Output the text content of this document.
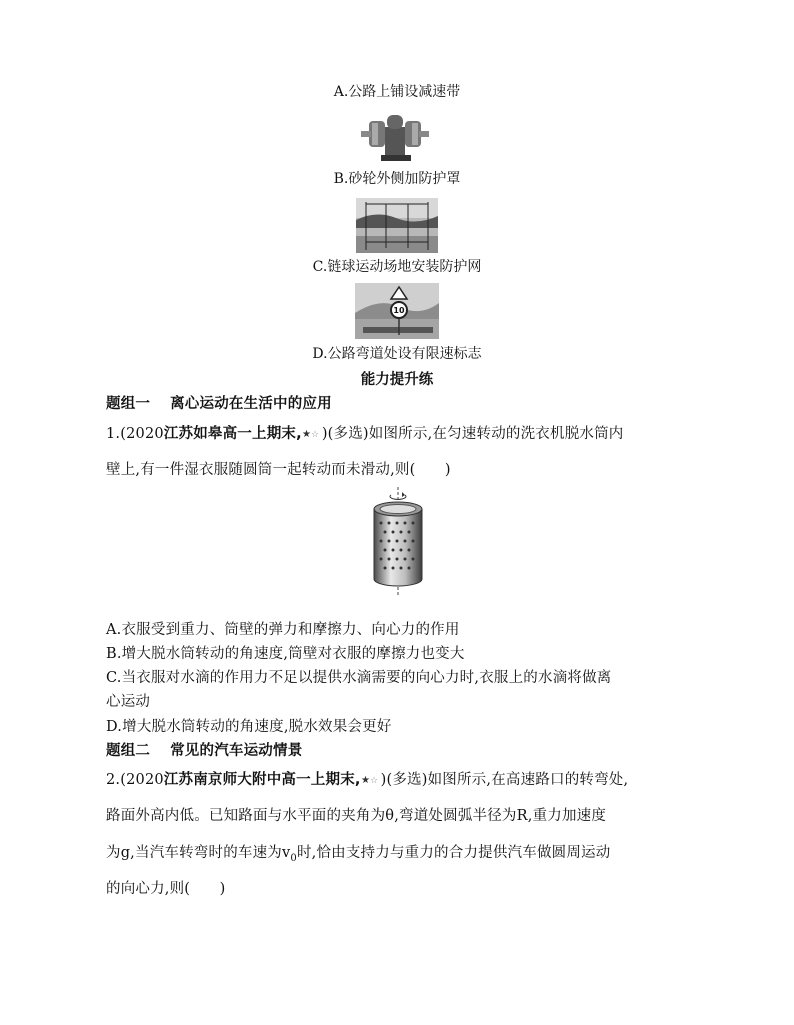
A.公路上铺设减速带
B.砂轮外侧加防护罩
C.链球运动场地安装防护网
10
D.公路弯道处设有限速标志
能力提升练
题组一 离心运动在生活中的应用
1.(2020江苏如皋高一上期末, ★ ☆ )(多选)如图所示,在匀速转动的洗衣机脱水筒内
壁上,有一件湿衣服随圆筒一起转动而未滑动,则(　　)
A.衣服受到重力、筒壁的弹力和摩擦力、向心力的作用
B.增大脱水筒转动的角速度,筒壁对衣服的摩擦力也变大
C.当衣服对水滴的作用力不足以提供水滴需要的向心力时,衣服上的水滴将做离
心运动
D.增大脱水筒转动的角速度,脱水效果会更好
题组二 常见的汽车运动情景
2.(2020江苏南京师大附中高一上期末, ★ ☆ )(多选)如图所示,在高速路口的转弯处,
路面外高内低。已知路面与水平面的夹角为θ,弯道处圆弧半径为R,重力加速度
为g,当汽车转弯时的车速为$v_0$时,恰由支持力与重力的合力提供汽车做圆周运动
的向心力,则(　　)
